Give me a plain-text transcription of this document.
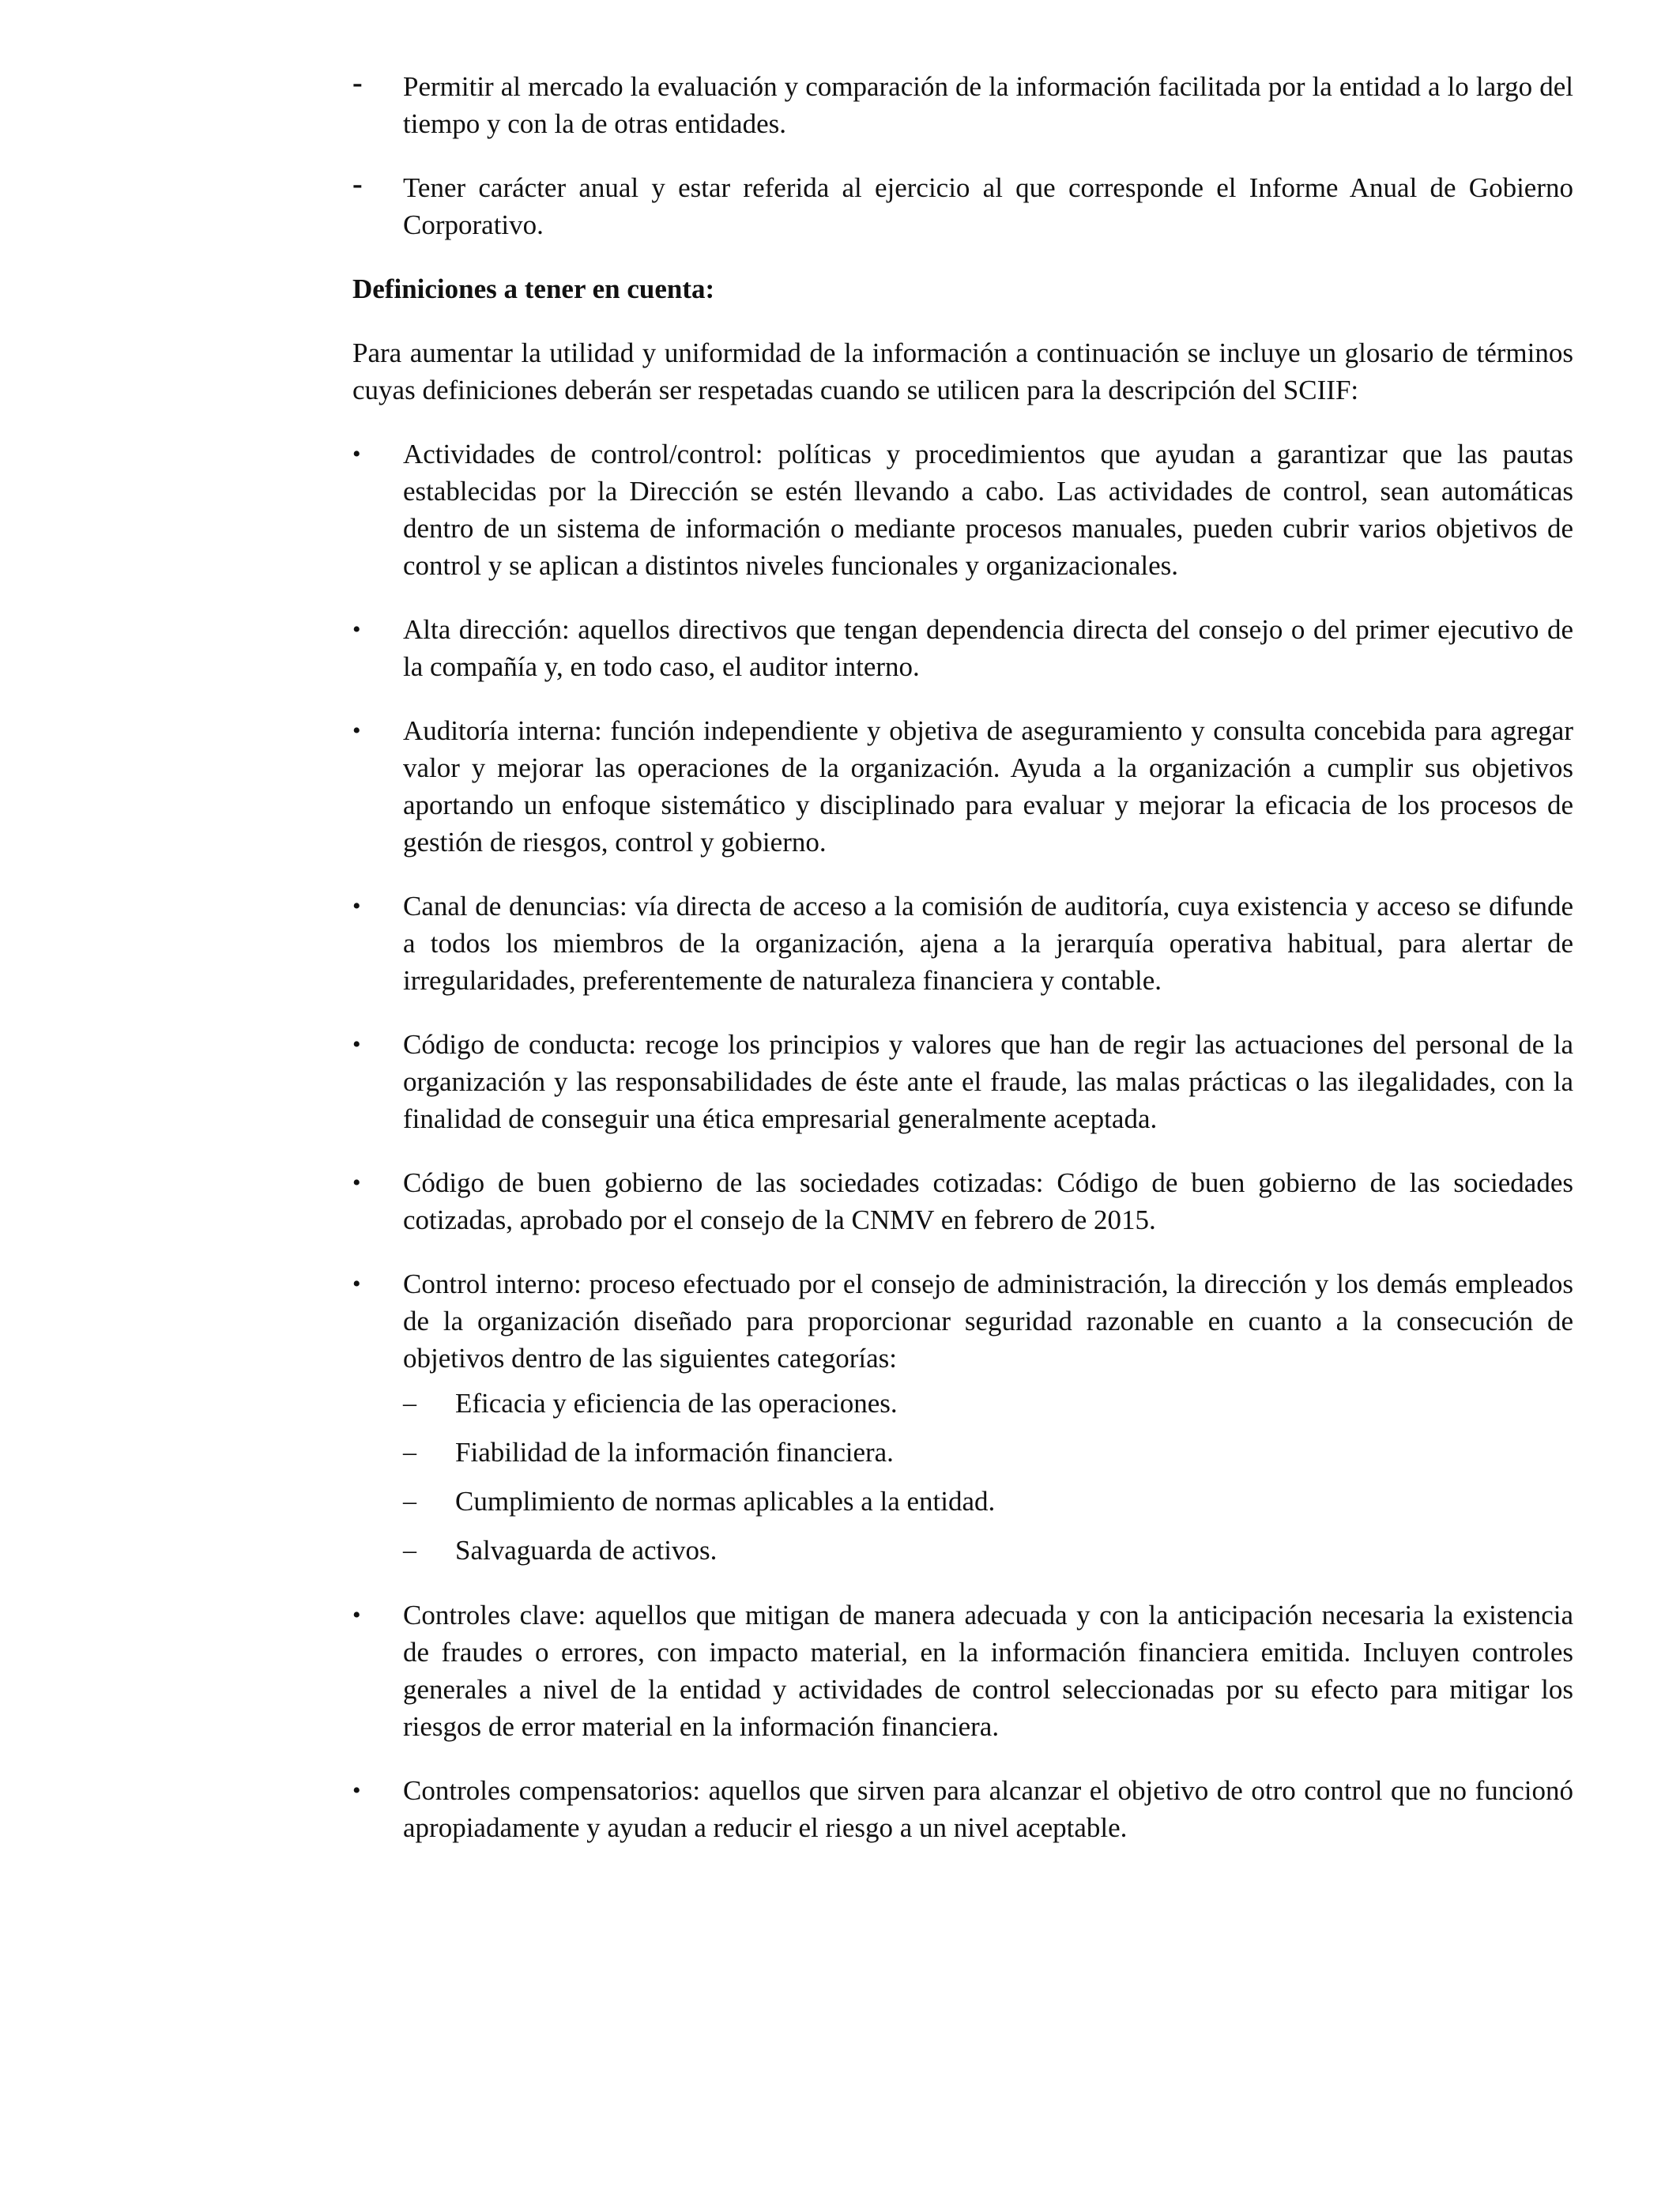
-	Permitir al mercado la evaluación y comparación de la información facilitada por la entidad a lo largo del tiempo y con la de otras entidades.
-	Tener carácter anual y estar referida al ejercicio al que corresponde el Informe Anual de Gobierno Corporativo.
Definiciones a tener en cuenta:
Para aumentar la utilidad y uniformidad de la información a continuación se incluye un glosario de términos cuyas definiciones deberán ser respetadas cuando se utilicen para la descripción del SCIIF:
•	Actividades de control/control: políticas y procedimientos que ayudan a garantizar que las pautas establecidas por la Dirección se estén llevando a cabo. Las actividades de control, sean automáticas dentro de un sistema de información o mediante procesos manuales, pueden cubrir varios objetivos de control y se aplican a distintos niveles funcionales y organizacionales.
•	Alta dirección: aquellos directivos que tengan dependencia directa del consejo o del primer ejecutivo de la compañía y, en todo caso, el auditor interno.
•	Auditoría interna: función independiente y objetiva de aseguramiento y consulta concebida para agregar valor y mejorar las operaciones de la organización. Ayuda a la organización a cumplir sus objetivos aportando un enfoque sistemático y disciplinado para evaluar y mejorar la eficacia de los procesos de gestión de riesgos, control y gobierno.
•	Canal de denuncias: vía directa de acceso a la comisión de auditoría, cuya existencia y acceso se difunde a todos los miembros de la organización, ajena a la jerarquía operativa habitual, para alertar de irregularidades, preferentemente de naturaleza financiera y contable.
•	Código de conducta: recoge los principios y valores que han de regir las actuaciones del personal de la organización y las responsabilidades de éste ante el fraude, las malas prácticas o las ilegalidades, con la finalidad de conseguir una ética empresarial generalmente aceptada.
•	Código de buen gobierno de las sociedades cotizadas: Código de buen gobierno de las sociedades cotizadas, aprobado por el consejo de la CNMV en febrero de 2015.
•	Control interno: proceso efectuado por el consejo de administración, la dirección y los demás empleados de la organización diseñado para proporcionar seguridad razonable en cuanto a la consecución de objetivos dentro de las siguientes categorías:
– Eficacia y eficiencia de las operaciones.
– Fiabilidad de la información financiera.
– Cumplimiento de normas aplicables a la entidad.
– Salvaguarda de activos.
•	Controles clave: aquellos que mitigan de manera adecuada y con la anticipación necesaria la existencia de fraudes o errores, con impacto material, en la información financiera emitida. Incluyen controles generales a nivel de la entidad y actividades de control seleccionadas por su efecto para mitigar los riesgos de error material en la información financiera.
•	Controles compensatorios: aquellos que sirven para alcanzar el objetivo de otro control que no funcionó apropiadamente y ayudan a reducir el riesgo a un nivel aceptable.
